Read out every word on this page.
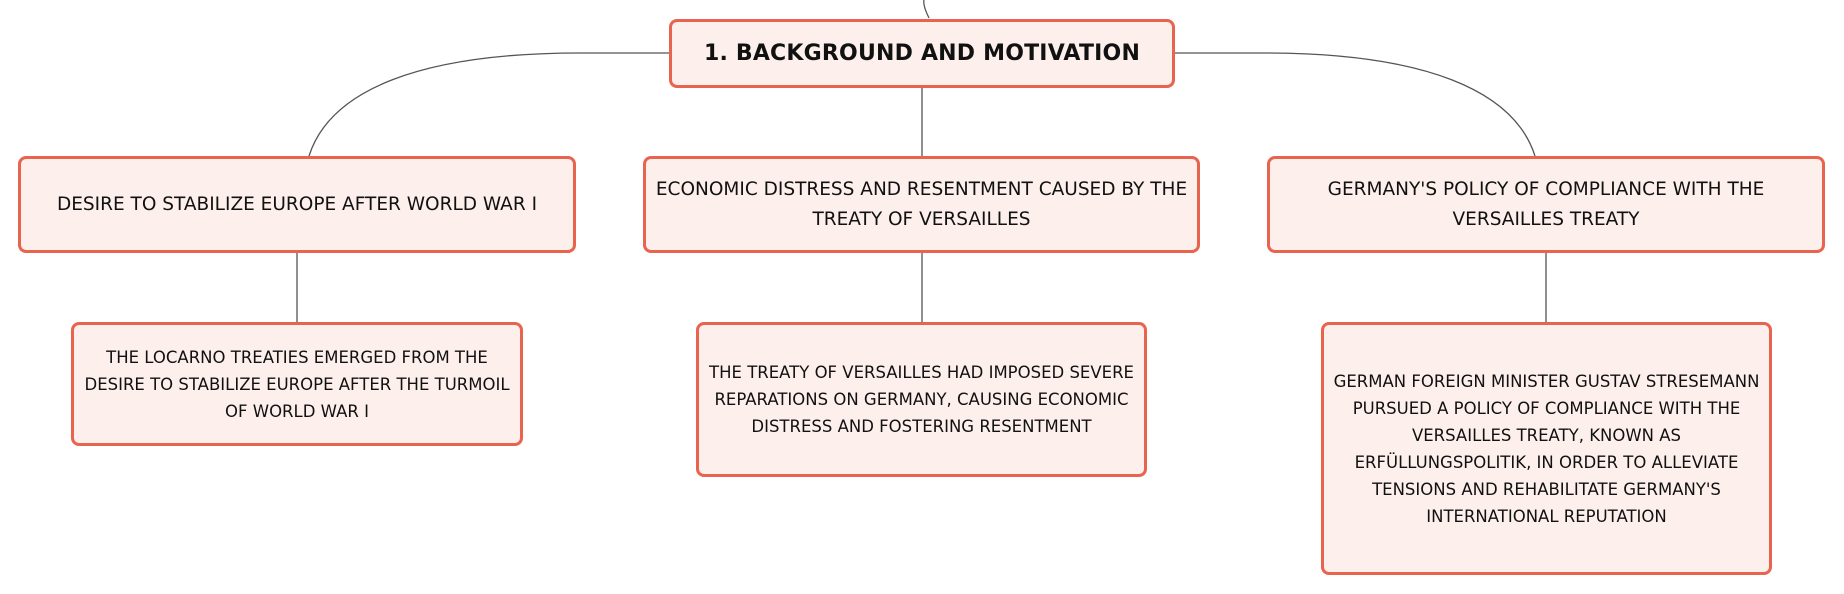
1. BACKGROUND AND MOTIVATION
DESIRE TO STABILIZE EUROPE AFTER WORLD WAR I
ECONOMIC DISTRESS AND RESENTMENT CAUSED BY THE TREATY OF VERSAILLES
GERMANY'S POLICY OF COMPLIANCE WITH THE VERSAILLES TREATY
THE LOCARNO TREATIES EMERGED FROM THE DESIRE TO STABILIZE EUROPE AFTER THE TURMOIL OF WORLD WAR I
THE TREATY OF VERSAILLES HAD IMPOSED SEVERE REPARATIONS ON GERMANY, CAUSING ECONOMIC DISTRESS AND FOSTERING RESENTMENT
GERMAN FOREIGN MINISTER GUSTAV STRESEMANN PURSUED A POLICY OF COMPLIANCE WITH THE VERSAILLES TREATY, KNOWN AS ERFÜLLUNGSPOLITIK, IN ORDER TO ALLEVIATE TENSIONS AND REHABILITATE GERMANY'S INTERNATIONAL REPUTATION
